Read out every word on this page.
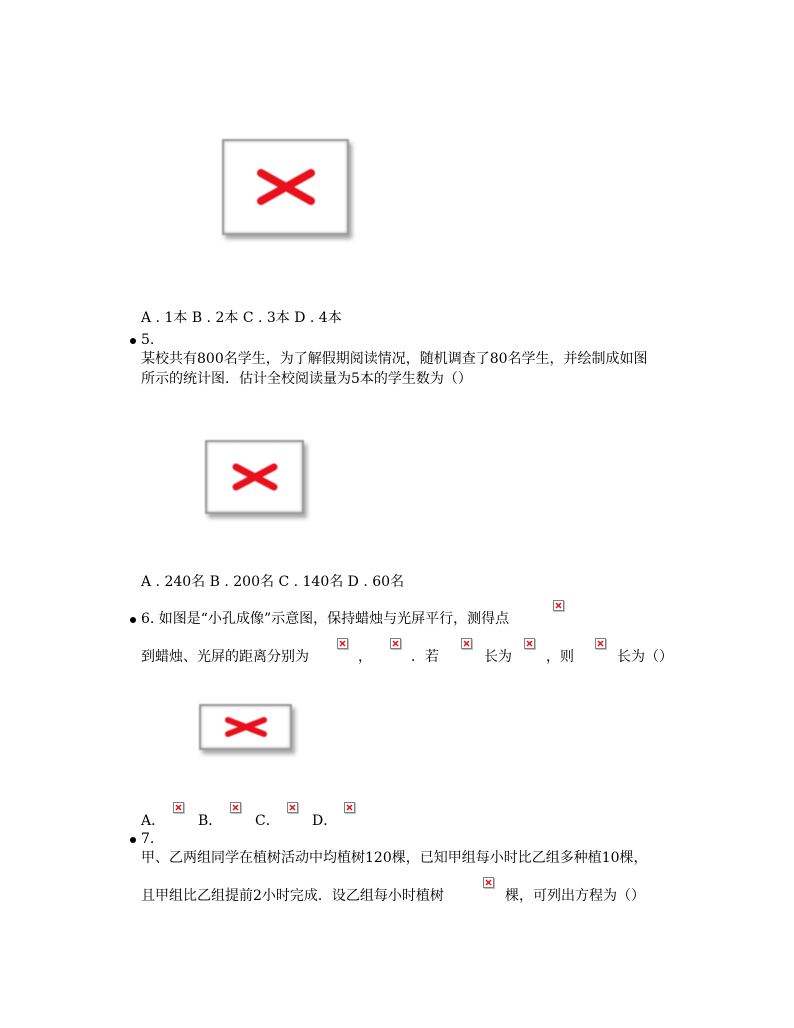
A . 1本 B . 2本 C . 3本 D . 4本
5.
某校共有800名学生，为了解假期阅读情况，随机调查了80名学生，并绘制成如图
所示的统计图．估计全校阅读量为5本的学生数为（）
A . 240名 B . 200名 C . 140名 D . 60名
6. 如图是“小孔成像”示意图，保持蜡烛与光屏平行，测得点
到蜡烛、光屏的距离分别为	，	．若	长为 ，则	长为（）
A． B． C． D．
7.
甲、乙两组同学在植树活动中均植树120棵，已知甲组每小时比乙组多种植10棵，
且甲组比乙组提前2小时完成．设乙组每小时植树	棵，可列出方程为（）
